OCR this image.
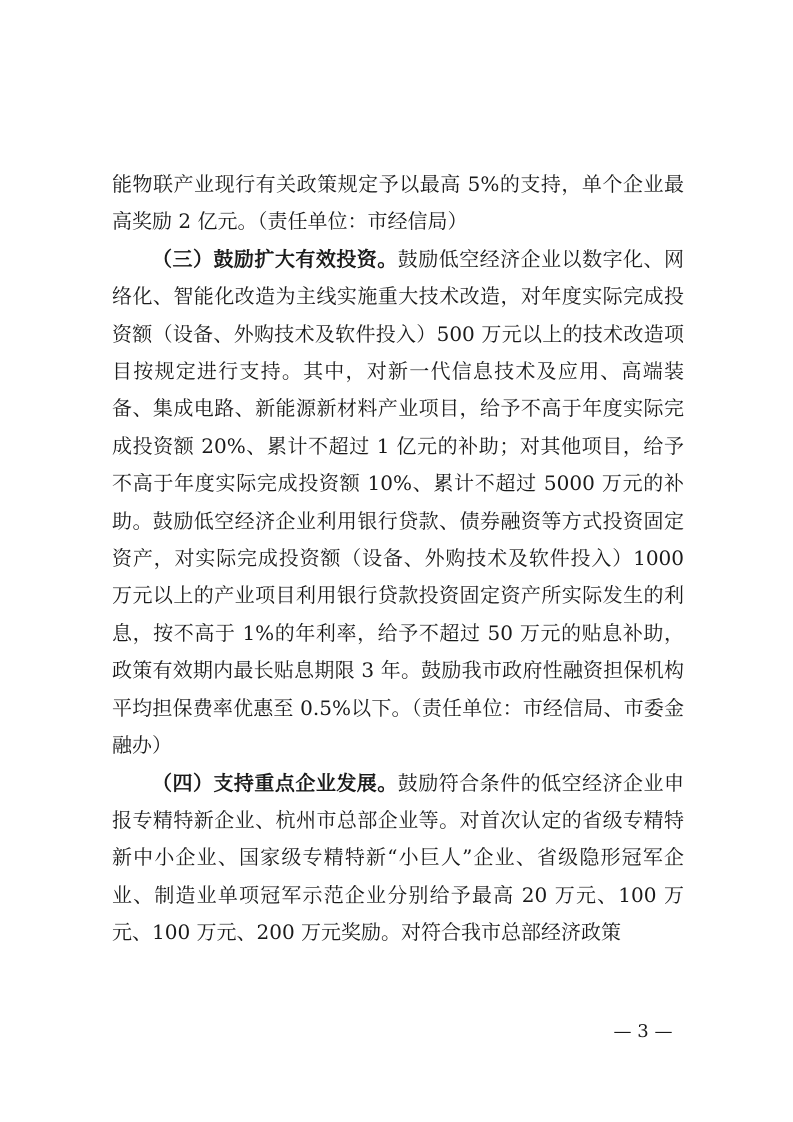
能物联产业现行有关政策规定予以最高 5%的支持，单个企业最高奖励 2 亿元。（责任单位：市经信局）

（三）鼓励扩大有效投资。鼓励低空经济企业以数字化、网络化、智能化改造为主线实施重大技术改造，对年度实际完成投资额（设备、外购技术及软件投入）500 万元以上的技术改造项目按规定进行支持。其中，对新一代信息技术及应用、高端装备、集成电路、新能源新材料产业项目，给予不高于年度实际完成投资额 20%、累计不超过 1 亿元的补助；对其他项目，给予不高于年度实际完成投资额 10%、累计不超过 5000 万元的补助。鼓励低空经济企业利用银行贷款、债券融资等方式投资固定资产，对实际完成投资额（设备、外购技术及软件投入）1000 万元以上的产业项目利用银行贷款投资固定资产所实际发生的利息，按不高于 1%的年利率，给予不超过 50 万元的贴息补助，政策有效期内最长贴息期限 3 年。鼓励我市政府性融资担保机构平均担保费率优惠至 0.5%以下。（责任单位：市经信局、市委金融办）

（四）支持重点企业发展。鼓励符合条件的低空经济企业申报专精特新企业、杭州市总部企业等。对首次认定的省级专精特新中小企业、国家级专精特新“小巨人”企业、省级隐形冠军企业、制造业单项冠军示范企业分别给予最高 20 万元、100 万元、100 万元、200 万元奖励。对符合我市总部经济政策

— 3 —
